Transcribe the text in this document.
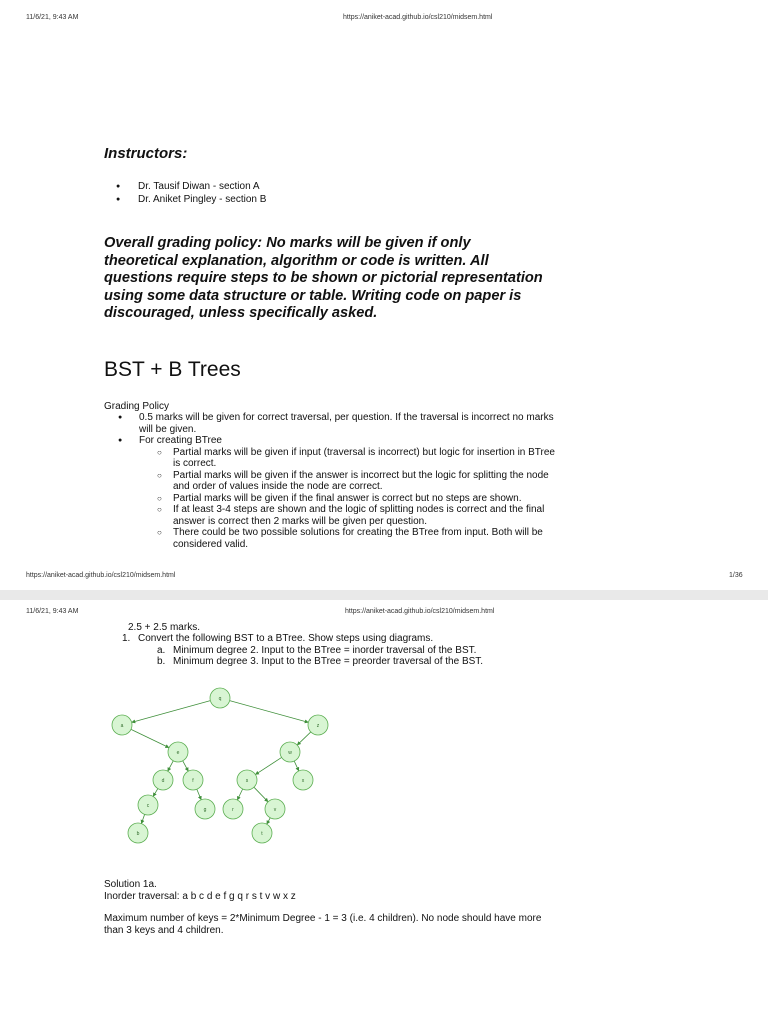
11/6/21, 9:43 AM	https://aniket-acad.github.io/csl210/midsem.html
Instructors:
● Dr. Tausif Diwan - section A
● Dr. Aniket Pingley - section B

Overall grading policy: No marks will be given if only theoretical explanation, algorithm or code is written. All questions require steps to be shown or pictorial representation using some data structure or table. Writing code on paper is discouraged, unless specifically asked.

BST + B Trees
Grading Policy
● 0.5 marks will be given for correct traversal, per question. If the traversal is incorrect no marks will be given.
● For creating BTree
○ Partial marks will be given if input (traversal is incorrect) but logic for insertion in BTree is correct.
○ Partial marks will be given if the answer is incorrect but the logic for splitting the node and order of values inside the node are correct.
○ Partial marks will be given if the final answer is correct but no steps are shown.
○ If at least 3-4 steps are shown and the logic of splitting nodes is correct and the final answer is correct then 2 marks will be given per question.
○ There could be two possible solutions for creating the BTree from input. Both will be considered valid.
https://aniket-acad.github.io/csl210/midsem.html	1/36
11/6/21, 9:43 AM	https://aniket-acad.github.io/csl210/midsem.html
2.5 + 2.5 marks.
1. Convert the following BST to a BTree. Show steps using diagrams.
a. Minimum degree 2. Input to the BTree = inorder traversal of the BST.
b. Minimum degree 3. Input to the BTree = preorder traversal of the BST.
q
a	z
e	w
d	f	s	x
c
g	r	v
b	t
Solution 1a.
Inorder traversal: a b c d e f g q r s t v w x z
Maximum number of keys = 2*Minimum Degree - 1 = 3 (i.e. 4 children). No node should have more than 3 keys and 4 children.
